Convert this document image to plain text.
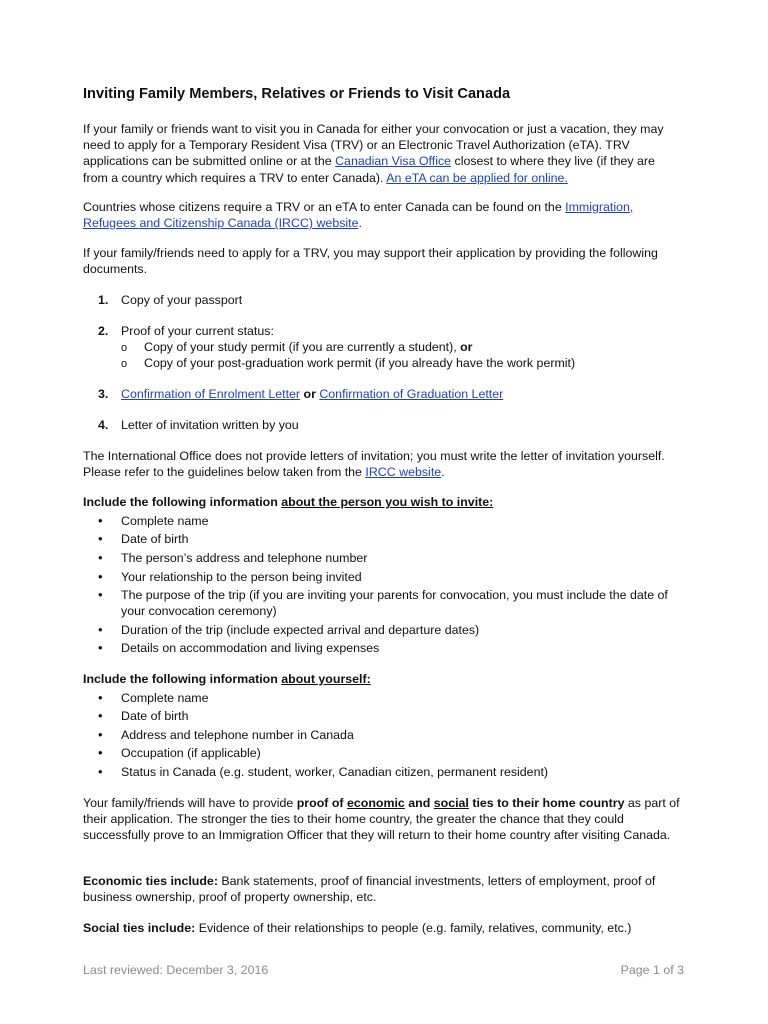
Inviting Family Members, Relatives or Friends to Visit Canada

If your family or friends want to visit you in Canada for either your convocation or just a vacation, they may need to apply for a Temporary Resident Visa (TRV) or an Electronic Travel Authorization (eTA). TRV applications can be submitted online or at the Canadian Visa Office closest to where they live (if they are from a country which requires a TRV to enter Canada). An eTA can be applied for online.

Countries whose citizens require a TRV or an eTA to enter Canada can be found on the Immigration, Refugees and Citizenship Canada (IRCC) website.

If your family/friends need to apply for a TRV, you may support their application by providing the following documents.

1. Copy of your passport
2. Proof of your current status:
o Copy of your study permit (if you are currently a student), or
o Copy of your post-graduation work permit (if you already have the work permit)
3. Confirmation of Enrolment Letter or Confirmation of Graduation Letter
4. Letter of invitation written by you

The International Office does not provide letters of invitation; you must write the letter of invitation yourself. Please refer to the guidelines below taken from the IRCC website.

Include the following information about the person you wish to invite:

• Complete name
• Date of birth
• The person’s address and telephone number
• Your relationship to the person being invited
• The purpose of the trip (if you are inviting your parents for convocation, you must include the date of your convocation ceremony)
• Duration of the trip (include expected arrival and departure dates)
• Details on accommodation and living expenses

Include the following information about yourself:

• Complete name
• Date of birth
• Address and telephone number in Canada
• Occupation (if applicable)
• Status in Canada (e.g. student, worker, Canadian citizen, permanent resident)

Your family/friends will have to provide proof of economic and social ties to their home country as part of their application. The stronger the ties to their home country, the greater the chance that they could successfully prove to an Immigration Officer that they will return to their home country after visiting Canada.

Economic ties include: Bank statements, proof of financial investments, letters of employment, proof of business ownership, proof of property ownership, etc.

Social ties include: Evidence of their relationships to people (e.g. family, relatives, community, etc.)

Last reviewed: December 3, 2016	Page 1 of 3
